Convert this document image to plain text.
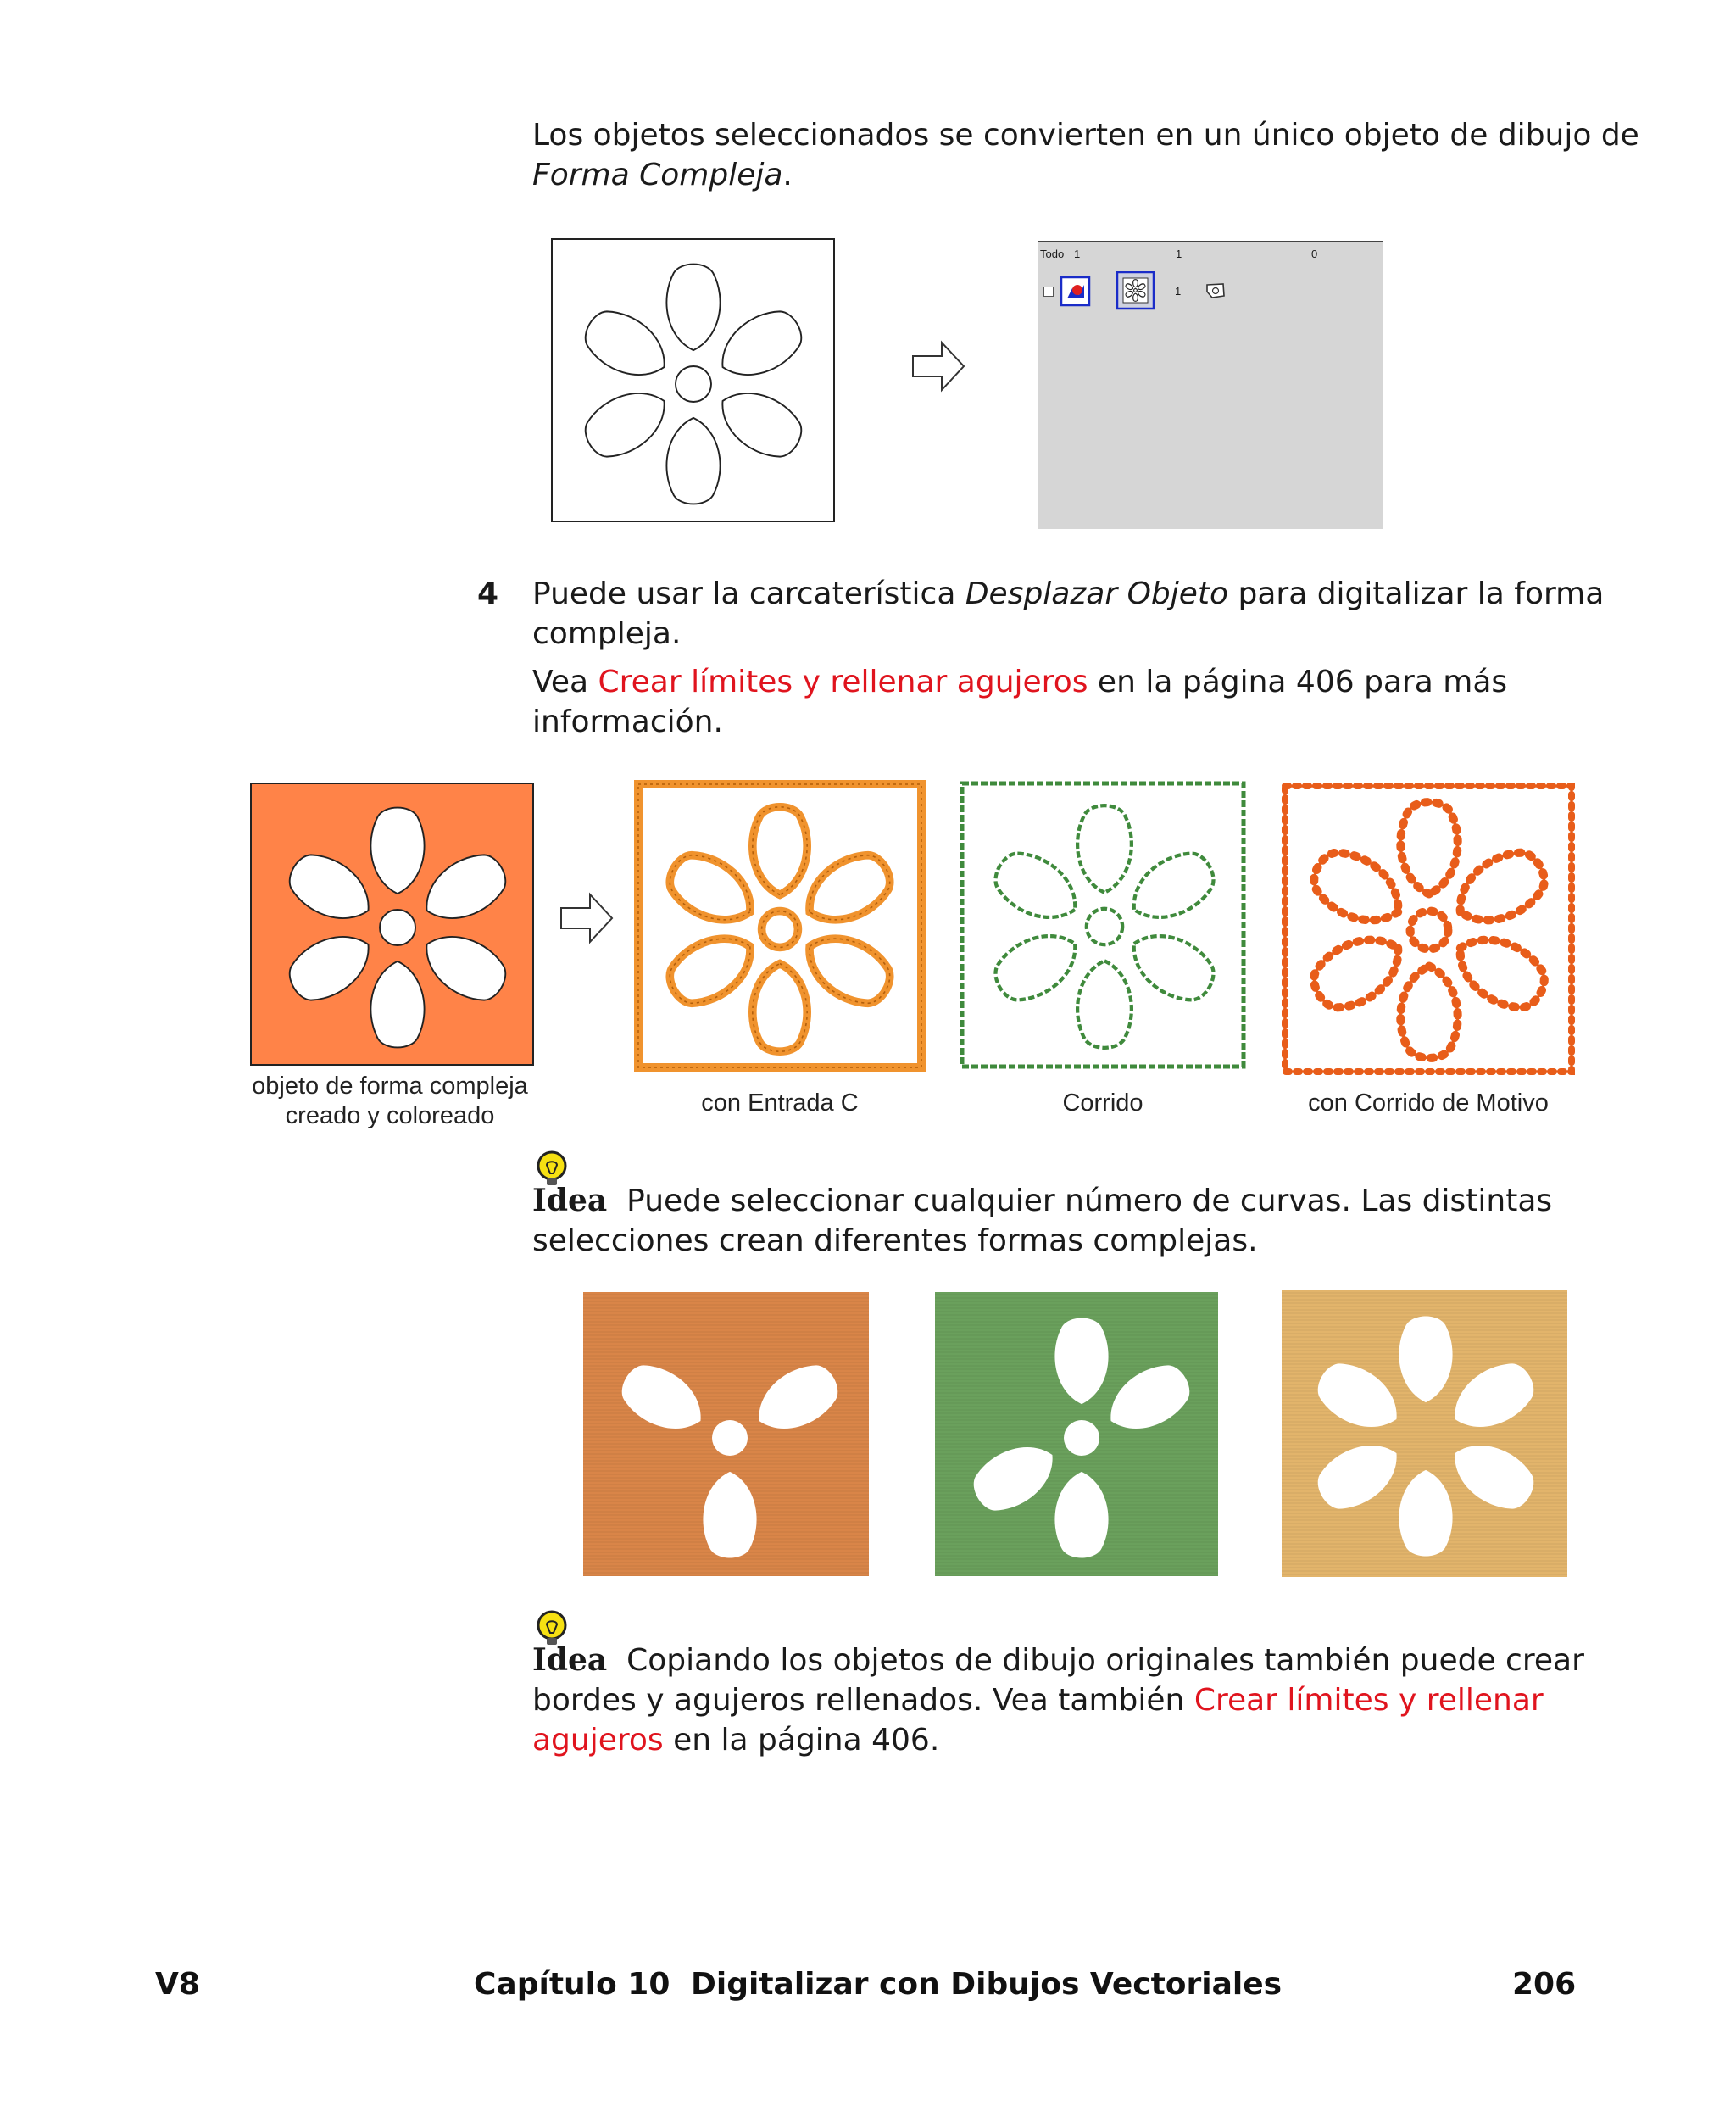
Los objetos seleccionados se convierten en un único objeto de dibujo de
Forma Compleja.
Todo 1	1	0
1
4 Puede usar la carcaterística Desplazar Objeto para digitalizar la forma
compleja.
Vea Crear límites y rellenar agujeros en la página 406 para más
información.
objeto de forma compleja
creado y coloreado	con Entrada C	Corrido	con Corrido de Motivo
Idea Puede seleccionar cualquier número de curvas. Las distintas
selecciones crean diferentes formas complejas.
Idea Copiando los objetos de dibujo originales también puede crear
bordes y agujeros rellenados. Vea también Crear límites y rellenar
agujeros en la página 406.
V8	Capítulo 10 Digitalizar con Dibujos Vectoriales	206
